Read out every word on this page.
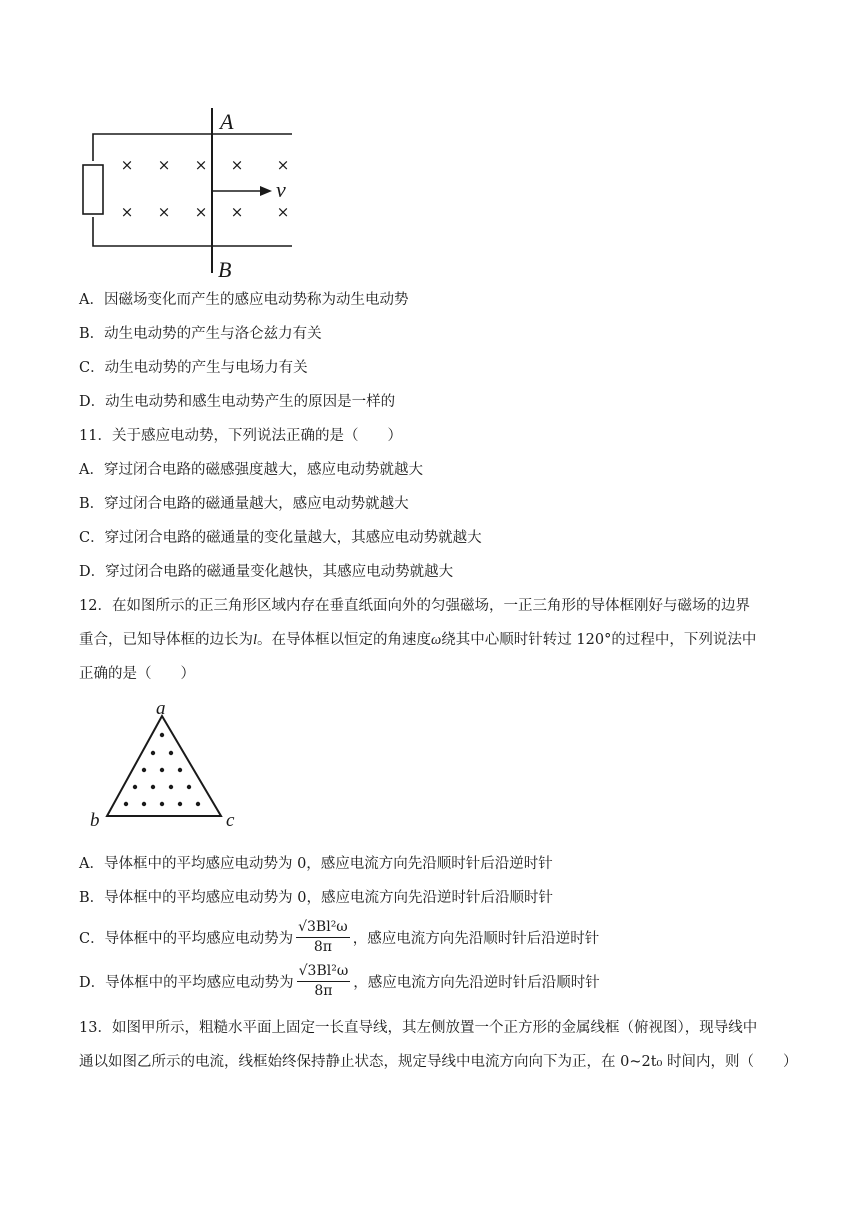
× × × × ×
× × × × ×
A
B
v
A．因磁场变化而产生的感应电动势称为动生电动势
B．动生电动势的产生与洛仑兹力有关
C．动生电动势的产生与电场力有关
D．动生电动势和感生电动势产生的原因是一样的
11．关于感应电动势，下列说法正确的是（　　）
A．穿过闭合电路的磁感强度越大，感应电动势就越大
B．穿过闭合电路的磁通量越大，感应电动势就越大
C．穿过闭合电路的磁通量的变化量越大，其感应电动势就越大
D．穿过闭合电路的磁通量变化越快，其感应电动势就越大
12．在如图所示的正三角形区域内存在垂直纸面向外的匀强磁场，一正三角形的导体框刚好与磁场的边界
重合，已知导体框的边长为l。在导体框以恒定的角速度ω绕其中心顺时针转过 120°的过程中，下列说法中
正确的是（　　）
a
b	c
A．导体框中的平均感应电动势为 0，感应电流方向先沿顺时针后沿逆时针
B．导体框中的平均感应电动势为 0，感应电流方向先沿逆时针后沿顺时针
C．导体框中的平均感应电动势为 $\frac{\text{√3Bl²ω}}{8\pi}$ ，感应电流方向先沿顺时针后沿逆时针
D．导体框中的平均感应电动势为 $\frac{\text{√3Bl²ω}}{8\pi}$ ，感应电流方向先沿逆时针后沿顺时针
13．如图甲所示，粗糙水平面上固定一长直导线，其左侧放置一个正方形的金属线框（俯视图），现导线中
通以如图乙所示的电流，线框始终保持静止状态，规定导线中电流方向向下为正，在 0~2t₀ 时间内，则（　　）
